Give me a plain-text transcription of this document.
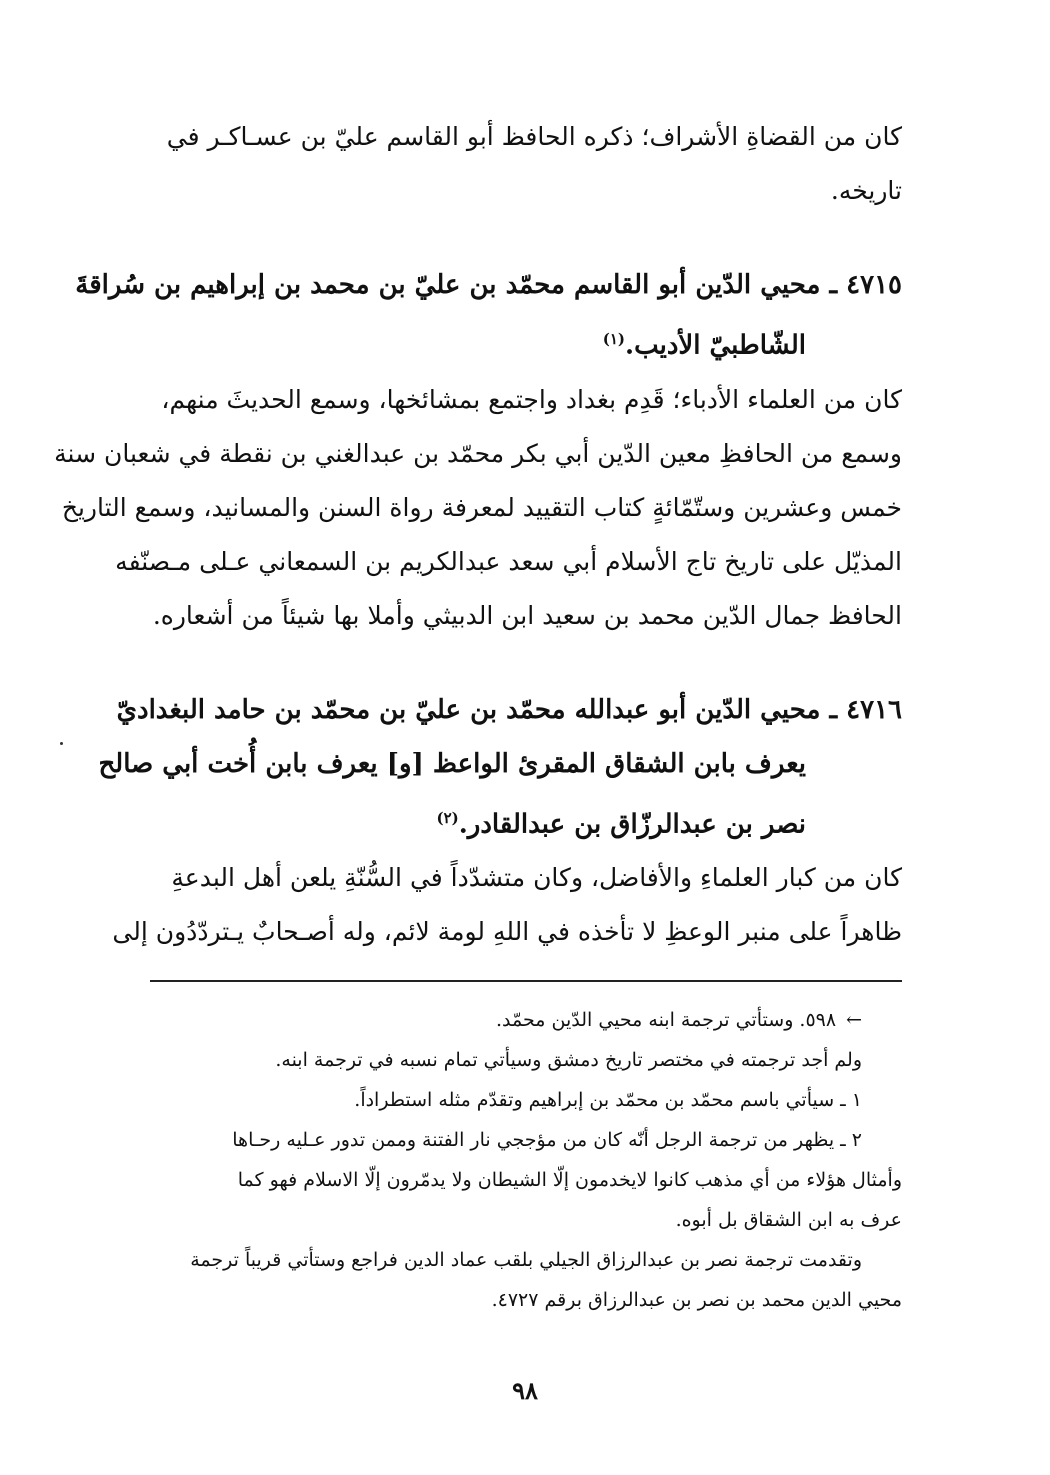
كان من القضاةِ الأشراف؛ ذكره الحافظ أبو القاسم عليّ بن عسـاكـر في
تاريخه.

٤٧١٥ ـ محيي الدّين أبو القاسم محمّد بن عليّ بن محمد بن إبراهيم بن سُراقةَ
الشّاطبيّ الأديب.$^{(١)}$

كان من العلماء الأدباء؛ قَدِم بغداد واجتمع بمشائخها، وسمع الحديثَ منهم،
وسمع من الحافظِ معين الدّين أبي بكر محمّد بن عبدالغني بن نقطة في شعبان سنة
خمس وعشرين وستّمّائةٍ كتاب التقييد لمعرفة رواة السنن والمسانيد، وسمع التاريخ
المذيّل على تاريخ تاج الأسلام أبي سعد عبدالكريم بن السمعاني عـلى مـصنّفه
الحافظ جمال الدّين محمد بن سعيد ابن الدبيثي وأملا بها شيئاً من أشعاره.

٤٧١٦ ـ محيي الدّين أبو عبدالله محمّد بن عليّ بن محمّد بن حامد البغداديّ
يعرف بابن الشقاق المقرئ الواعظ [و] يعرف بابن أُخت أبي صالح
نصر بن عبدالرزّاق بن عبدالقادر.$^{(٢)}$

كان من كبار العلماءِ والأفاضل، وكان متشدّداً في السُّنّةِ يلعن أهل البدعةِ
ظاهراً على منبر الوعظِ لا تأخذه في اللهِ لومة لائم، وله أصـحابٌ يـتردّدُون إلى

←٥٩٨. وستأتي ترجمة ابنه محيي الدّين محمّد.
ولم أجد ترجمته في مختصر تاريخ دمشق وسيأتي تمام نسبه في ترجمة ابنه.
١ ـ سيأتي باسم محمّد بن محمّد بن إبراهيم وتقدّم مثله استطراداً.
٢ ـ يظهر من ترجمة الرجل أنّه كان من مؤججي نار الفتنة وممن تدور عـليه رحـاها
وأمثال هؤلاء من أي مذهب كانوا لايخدمون إلّا الشيطان ولا يدمّرون إلّا الاسلام فهو كما
عرف به ابن الشقاق بل أبوه.
وتقدمت ترجمة نصر بن عبدالرزاق الجيلي بلقب عماد الدين فراجع وستأتي قريباً ترجمة
محيي الدين محمد بن نصر بن عبدالرزاق برقم ٤٧٢٧.
٩٨
